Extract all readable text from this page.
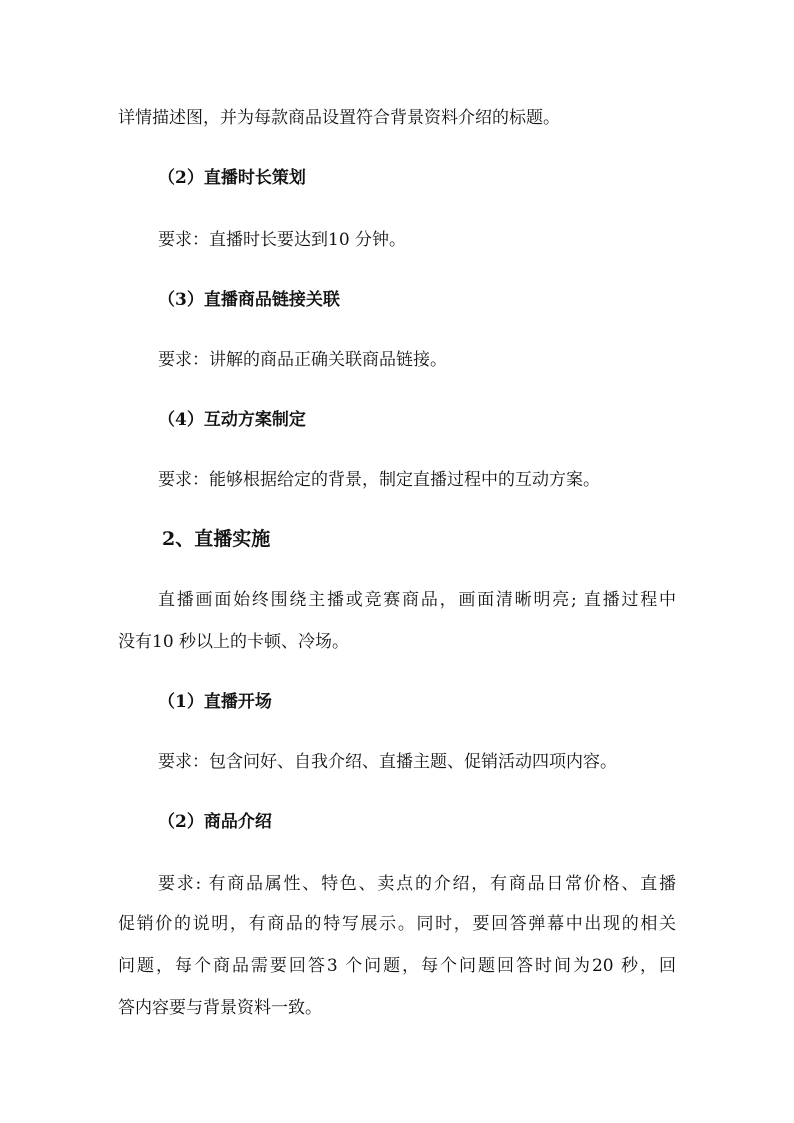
详情描述图，并为每款商品设置符合背景资料介绍的标题。
（2）直播时长策划
要求：直播时长要达到10 分钟。
（3）直播商品链接关联
要求：讲解的商品正确关联商品链接。
（4）互动方案制定
要求：能够根据给定的背景，制定直播过程中的互动方案。
2、直播实施
直播画面始终围绕主播或竞赛商品，画面清晰明亮; 直播过程中
没有10 秒以上的卡顿、冷场。
（1）直播开场
要求：包含问好、自我介绍、直播主题、促销活动四项内容。
（2）商品介绍
要求: 有商品属性、特色、卖点的介绍，有商品日常价格、直播
促销价的说明，有商品的特写展示。同时，要回答弹幕中出现的相关
问题，每个商品需要回答3 个问题，每个问题回答时间为20 秒，回
答内容要与背景资料一致。
